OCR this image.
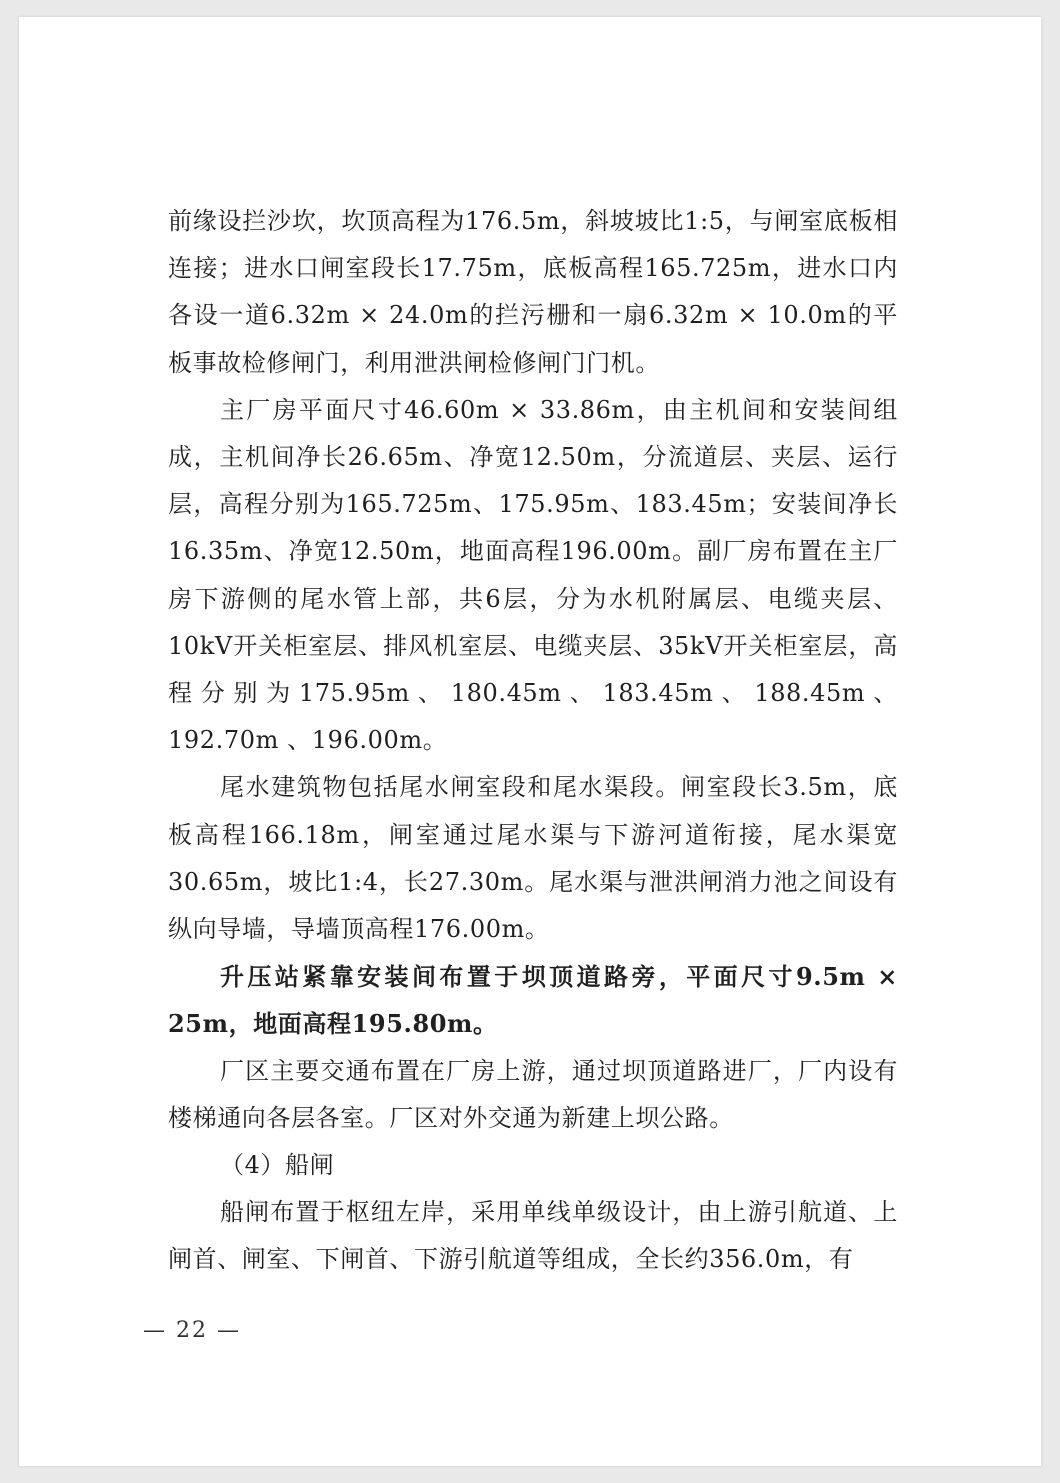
前缘设拦沙坎，坎顶高程为176.5m，斜坡坡比1:5，与闸室底板相连接；进水口闸室段长17.75m，底板高程165.725m，进水口内各设一道6.32m × 24.0m的拦污栅和一扇6.32m × 10.0m的平板事故检修闸门，利用泄洪闸检修闸门门机。

主厂房平面尺寸46.60m × 33.86m，由主机间和安装间组成，主机间净长26.65m、净宽12.50m，分流道层、夹层、运行层，高程分别为165.725m、175.95m、183.45m；安装间净长16.35m、净宽12.50m，地面高程196.00m。副厂房布置在主厂房下游侧的尾水管上部，共6层，分为水机附属层、电缆夹层、10kV开关柜室层、排风机室层、电缆夹层、35kV开关柜室层，高程分别为175.95m、180.45m、183.45m、188.45m、192.70m 、196.00m。

尾水建筑物包括尾水闸室段和尾水渠段。闸室段长3.5m，底板高程166.18m，闸室通过尾水渠与下游河道衔接，尾水渠宽30.65m，坡比1:4，长27.30m。尾水渠与泄洪闸消力池之间设有纵向导墙，导墙顶高程176.00m。

升压站紧靠安装间布置于坝顶道路旁，平面尺寸9.5m × 25m，地面高程195.80m。

厂区主要交通布置在厂房上游，通过坝顶道路进厂，厂内设有楼梯通向各层各室。厂区对外交通为新建上坝公路。

（4）船闸

船闸布置于枢纽左岸，采用单线单级设计，由上游引航道、上闸首、闸室、下闸首、下游引航道等组成，全长约356.0m，有

— 22 —
